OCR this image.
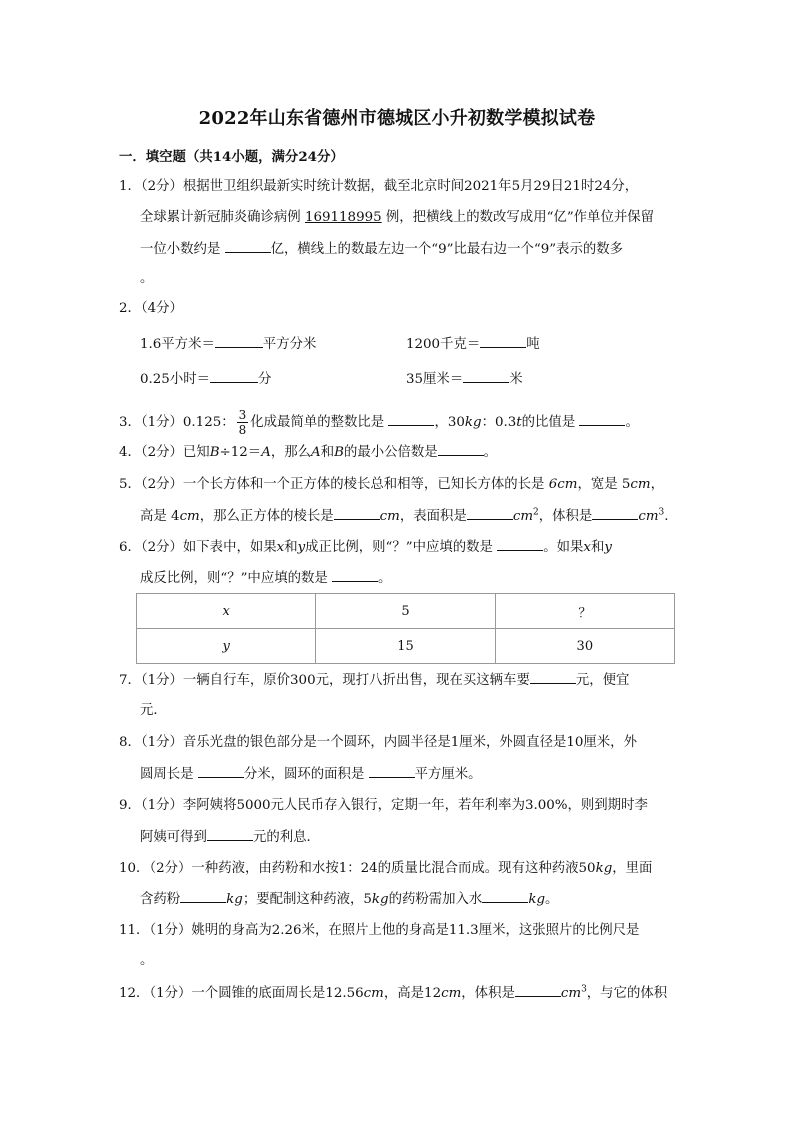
2022年山东省德州市德城区小升初数学模拟试卷
一．填空题（共14小题，满分24分）
1．（2分）根据世卫组织最新实时统计数据，截至北京时间2021年5月29日21时24分，
全球累计新冠肺炎确诊病例 169118995 例，把横线上的数改写成用“亿”作单位并保留
一位小数约是	亿，横线上的数最左边一个“9”比最右边一个“9”表示的数多
。
2．（4分）
1.6平方米＝	平方分米	1200千克＝	吨
0.25小时＝	分	35厘米＝	米
3．（1分）0.125： $\frac{3}{8}$ 化成最简单的整数比是	，30kg：0.3t的比值是	。
4．（2分）已知B÷12＝A，那么A和B的最小公倍数是	。
5．（2分）一个长方体和一个正方体的棱长总和相等，已知长方体的长是 6cm，宽是 5cm，
高是 4cm，那么正方体的棱长是	cm，表面积是	$cm^2$，体积是	$cm^3$.
6．（2分）如下表中，如果x和y成正比例，则“？”中应填的数是	。如果x和y
成反比例，则“？”中应填的数是	。
x	5	？
y	15	30
7．（1分）一辆自行车，原价300元，现打八折出售，现在买这辆车要	元，便宜
元．
8．（1分）音乐光盘的银色部分是一个圆环，内圆半径是1厘米，外圆直径是10厘米，外
圆周长是	分米，圆环的面积是	平方厘米。
9．（1分）李阿姨将5000元人民币存入银行，定期一年，若年利率为3.00%，则到期时李
阿姨可得到	元的利息．
10．（2分）一种药液，由药粉和水按1：24的质量比混合而成。现有这种药液50kg，里面
含药粉	kg；要配制这种药液，5kg的药粉需加入水	kg。
11．（1分）姚明的身高为2.26米，在照片上他的身高是11.3厘米，这张照片的比例尺是
。
12．（1分）一个圆锥的底面周长是12.56cm，高是12cm，体积是	$cm^3$，与它的体积
